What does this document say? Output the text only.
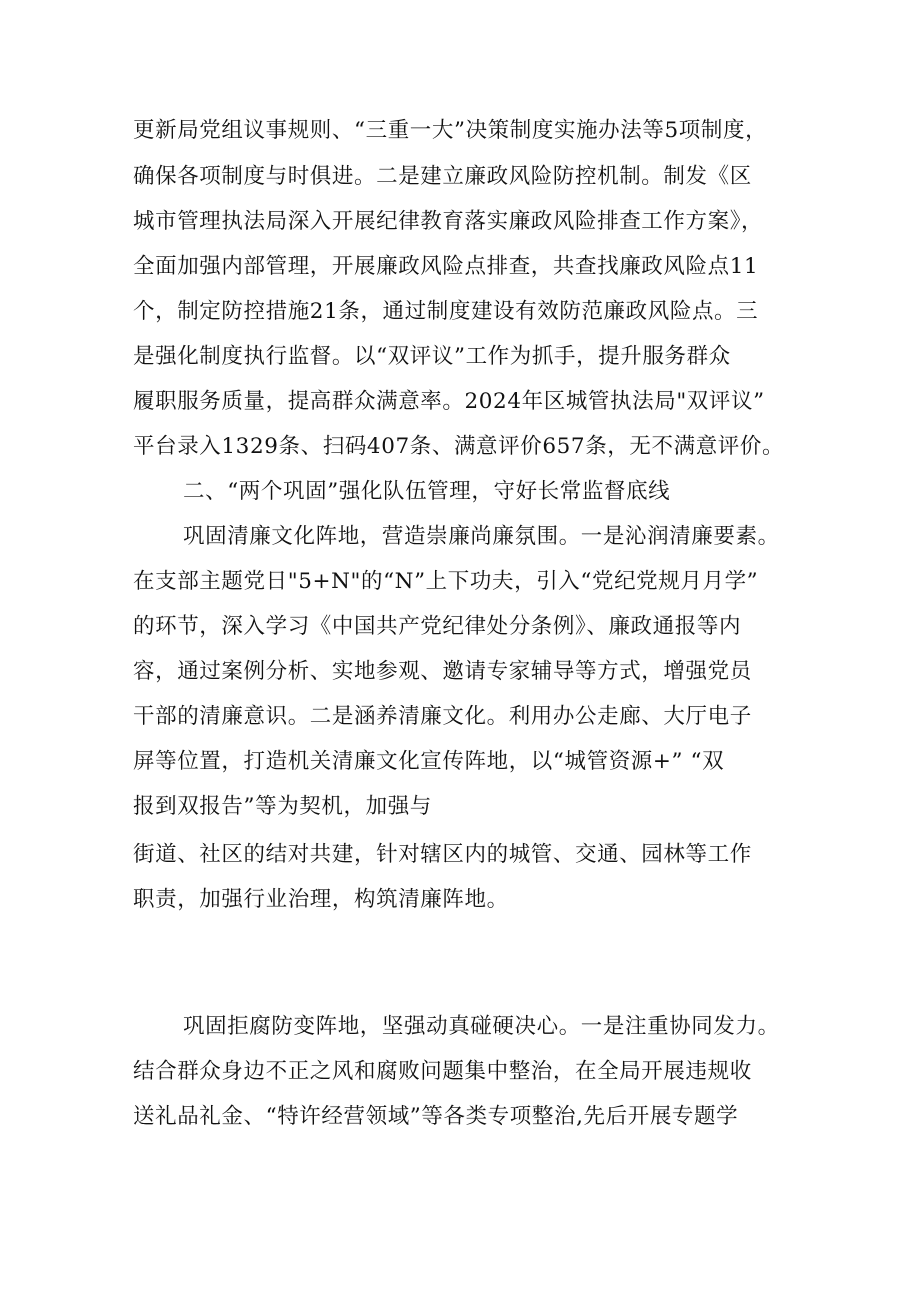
更新局党组议事规则、“三重一大”决策制度实施办法等5项制度，
确保各项制度与时俱进。二是建立廉政风险防控机制。制发《区
城市管理执法局深入开展纪律教育落实廉政风险排查工作方案》，
全面加强内部管理，开展廉政风险点排查，共查找廉政风险点11
个，制定防控措施21条，通过制度建设有效防范廉政风险点。三
是强化制度执行监督。以“双评议”工作为抓手，提升服务群众
履职服务质量，提高群众满意率。2024年区城管执法局"双评议”
平台录入1329条、扫码407条、满意评价657条，无不满意评价。
二、“两个巩固”强化队伍管理，守好长常监督底线
巩固清廉文化阵地，营造崇廉尚廉氛围。一是沁润清廉要素。
在支部主题党日"5+N"的“N”上下功夫，引入“党纪党规月月学”
的环节，深入学习《中国共产党纪律处分条例》、廉政通报等内
容，通过案例分析、实地参观、邀请专家辅导等方式，增强党员
干部的清廉意识。二是涵养清廉文化。利用办公走廊、大厅电子
屏等位置，打造机关清廉文化宣传阵地，以“城管资源+” “双
报到双报告”等为契机，加强与
街道、社区的结对共建，针对辖区内的城管、交通、园林等工作
职责，加强行业治理，构筑清廉阵地。
巩固拒腐防变阵地，坚强动真碰硬决心。一是注重协同发力。
结合群众身边不正之风和腐败问题集中整治，在全局开展违规收
送礼品礼金、“特许经营领域”等各类专项整治,先后开展专题学
